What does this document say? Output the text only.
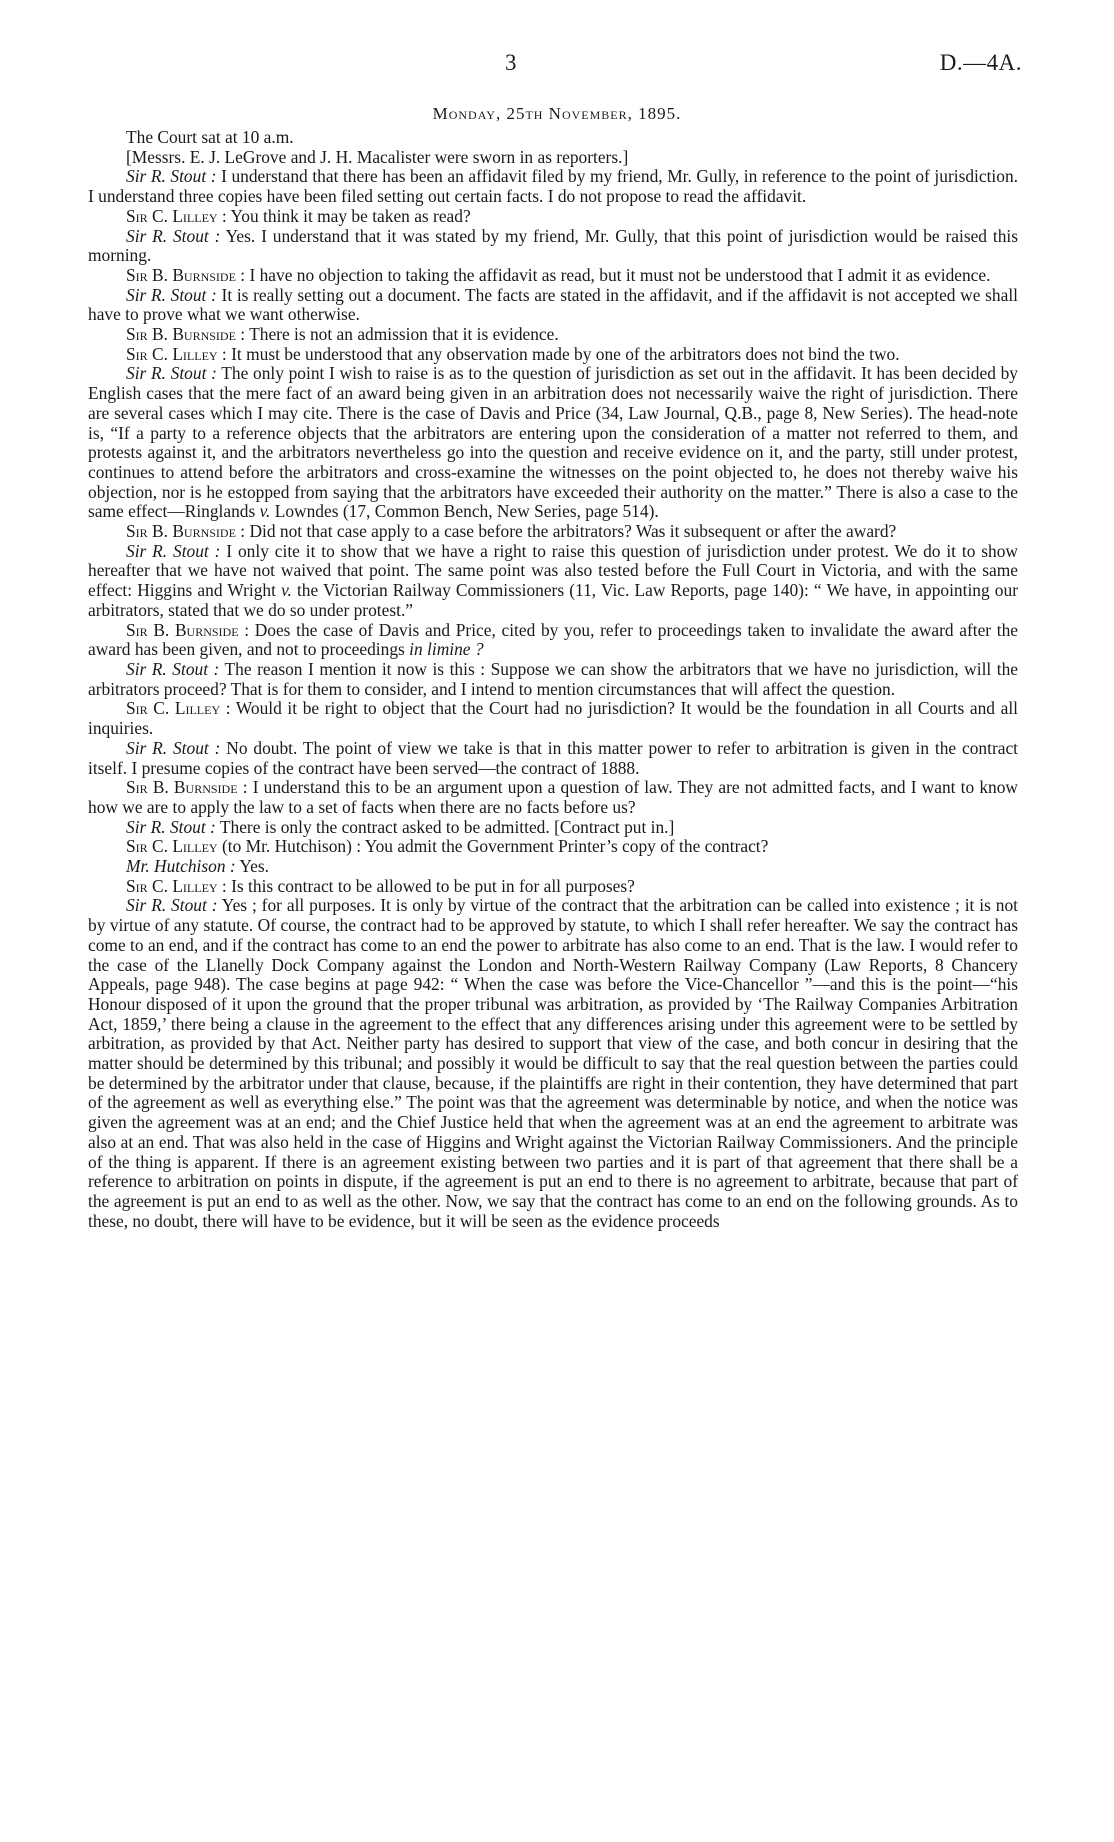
3	D.—4A.
Monday, 25th November, 1895.

The Court sat at 10 a.m.

[Messrs. E. J. LeGrove and J. H. Macalister were sworn in as reporters.]

Sir R. Stout : I understand that there has been an affidavit filed by my friend, Mr. Gully, in reference to the point of jurisdiction. I understand three copies have been filed setting out certain facts. I do not propose to read the affidavit.

Sir C. Lilley : You think it may be taken as read?

Sir R. Stout : Yes. I understand that it was stated by my friend, Mr. Gully, that this point of jurisdiction would be raised this morning.

Sir B. Burnside : I have no objection to taking the affidavit as read, but it must not be understood that I admit it as evidence.

Sir R. Stout : It is really setting out a document. The facts are stated in the affidavit, and if the affidavit is not accepted we shall have to prove what we want otherwise.

Sir B. Burnside : There is not an admission that it is evidence.

Sir C. Lilley : It must be understood that any observation made by one of the arbitrators does not bind the two.

Sir R. Stout : The only point I wish to raise is as to the question of jurisdiction as set out in the affidavit. It has been decided by English cases that the mere fact of an award being given in an arbitration does not necessarily waive the right of jurisdiction. There are several cases which I may cite. There is the case of Davis and Price (34, Law Journal, Q.B., page 8, New Series). The head-note is, “If a party to a reference objects that the arbitrators are entering upon the consideration of a matter not referred to them, and protests against it, and the arbitrators nevertheless go into the question and receive evidence on it, and the party, still under protest, continues to attend before the arbitrators and cross-examine the witnesses on the point objected to, he does not thereby waive his objection, nor is he estopped from saying that the arbitrators have exceeded their authority on the matter.” There is also a case to the same effect—Ringlands v. Lowndes (17, Common Bench, New Series, page 514).

Sir B. Burnside : Did not that case apply to a case before the arbitrators? Was it subsequent or after the award?

Sir R. Stout : I only cite it to show that we have a right to raise this question of jurisdiction under protest. We do it to show hereafter that we have not waived that point. The same point was also tested before the Full Court in Victoria, and with the same effect: Higgins and Wright v. the Victorian Railway Commissioners (11, Vic. Law Reports, page 140): “ We have, in appointing our arbitrators, stated that we do so under protest.”

Sir B. Burnside : Does the case of Davis and Price, cited by you, refer to proceedings taken to invalidate the award after the award has been given, and not to proceedings in limine ?

Sir R. Stout : The reason I mention it now is this : Suppose we can show the arbitrators that we have no jurisdiction, will the arbitrators proceed? That is for them to consider, and I intend to mention circumstances that will affect the question.

Sir C. Lilley : Would it be right to object that the Court had no jurisdiction? It would be the foundation in all Courts and all inquiries.

Sir R. Stout : No doubt. The point of view we take is that in this matter power to refer to arbitration is given in the contract itself. I presume copies of the contract have been served—the contract of 1888.

Sir B. Burnside : I understand this to be an argument upon a question of law. They are not admitted facts, and I want to know how we are to apply the law to a set of facts when there are no facts before us?

Sir R. Stout : There is only the contract asked to be admitted. [Contract put in.]

Sir C. Lilley (to Mr. Hutchison) : You admit the Government Printer’s copy of the contract?

Mr. Hutchison : Yes.

Sir C. Lilley : Is this contract to be allowed to be put in for all purposes?

Sir R. Stout : Yes ; for all purposes. It is only by virtue of the contract that the arbitration can be called into existence ; it is not by virtue of any statute. Of course, the contract had to be approved by statute, to which I shall refer hereafter. We say the contract has come to an end, and if the contract has come to an end the power to arbitrate has also come to an end. That is the law. I would refer to the case of the Llanelly Dock Company against the London and North-Western Railway Company (Law Reports, 8 Chancery Appeals, page 948). The case begins at page 942: “ When the case was before the Vice-Chancellor ”—and this is the point—“his Honour disposed of it upon the ground that the proper tribunal was arbitration, as provided by ‘The Railway Companies Arbitration Act, 1859,’ there being a clause in the agreement to the effect that any differences arising under this agreement were to be settled by arbitration, as provided by that Act. Neither party has desired to support that view of the case, and both concur in desiring that the matter should be determined by this tribunal; and possibly it would be difficult to say that the real question between the parties could be determined by the arbitrator under that clause, because, if the plaintiffs are right in their contention, they have determined that part of the agreement as well as everything else.” The point was that the agreement was determinable by notice, and when the notice was given the agreement was at an end; and the Chief Justice held that when the agreement was at an end the agreement to arbitrate was also at an end. That was also held in the case of Higgins and Wright against the Victorian Railway Commissioners. And the principle of the thing is apparent. If there is an agreement existing between two parties and it is part of that agreement that there shall be a reference to arbitration on points in dispute, if the agreement is put an end to there is no agreement to arbitrate, because that part of the agreement is put an end to as well as the other. Now, we say that the contract has come to an end on the following grounds. As to these, no doubt, there will have to be evidence, but it will be seen as the evidence proceeds
